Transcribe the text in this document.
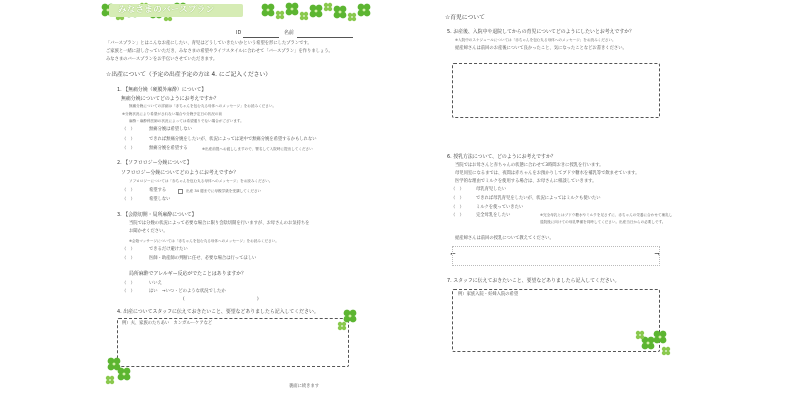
みなさまのバースプラン
ID	名前
「バースプラン」とはこんなお産にしたい、育児はどうしていきたいかという希望を形にしたプランです。
ご家族と一緒に話し合っていただき、みなさまの希望やライフスタイルに合わせて「バースプラン」を作りましょう。
みなさまのバースプランをお手伝いさせていただきます。
☆出産について（予定の出産予定の方は 4. にご記入ください）
1. 【無痛分娩（硬膜外麻酔）について】
無痛分娩についてどのようにお考えですか？
無痛分娩についての詳細は「赤ちゃんを包む丸る母体へのメッセージ」をお読みください。
※分娩状況により希望がされない場合や分娩予定日の状況の前
麻酔・麻酔科医師の状況によっては希望通りでない場合がございます。
（　）	無痛分娩は希望しない
（　）	できれば無痛分娩をしたいが、状況によっては途中で無痛分娩を希望するかもしれない
（　）	無痛分娩を希望する	※出産前提へお渡ししますので、署名して入院時に提出してください
2. 【ソフロロジー分娩について】
ソフロロジー分娩についてどのようにお考えですか？
ソフロロジーについては「赤ちゃんを包む丸る母体へのメッセージ」をお読みください。
（　）	希望する	出産 34 週までに母親学級を受講してください
（　）	希望しない
3. 【会陰切開・局所麻酔について】
当院では分娩の状況によって必要な場合に限り会陰切開を行いますが、お母さんのお気持ちを
お聞かせください。
※会陰マッサージについては「赤ちゃんを包む丸る母体へのメッセージ」をお読みください。
（　）	できるだけ避けたい
（　）	医師・助産師の判断に任せ、必要な場合は行ってほしい
局所麻酔でアレルギー反応がでたことはありますか？
（　）	いいえ
（　）	はい　→いつ・どのような状況でしたか
(	)
4. 出産についてスタッフに伝えておきたいこと、要望などありましたら記入してください。
例）夫、家族のたちあい　カンガルーケアなど
裏面に続きます
☆育児について
5. お産後、入院中や退院してからの育児についてどのようにしたいとお考えですか？
※入院中のスケジュールについては「赤ちゃんを包む丸る母体へのメッセージ」をお読みください。
経産婦さんは前回のお産後について良かったこと、気になったことなどお書きください。
6. 授乳方法について、どのようにお考えですか？
当院ではお母さんと赤ちゃんの状態に合わせて3時間おきに授乳を行います。
母児同室になるまでは、夜間は赤ちゃんをお預かりしてブドウ糖水を補乳等で飲ませています。
医学的な理由でミルクを使用する場合は、お母さんに相談していきます。
（　）	母乳育児したい
（　）	できれば母乳育児をしたいが、状況によってはミルクも使いたい
（　）	ミルクを使っていきたい
（　）	完全母乳をしたい	※完全母乳とはブドウ糖水やミルクを足さずに、赤ちゃんの栄養に合わせて補乳し
退院後に向けての母乳準備を同時してください。出産当日からの必要しです。
経産婦さんは前回の授乳について教えてください。
⌐	¬
7. スタッフに伝えておきたいこと、要望などありましたら記入してください。
例）家族入院・妊婦入院の希望
